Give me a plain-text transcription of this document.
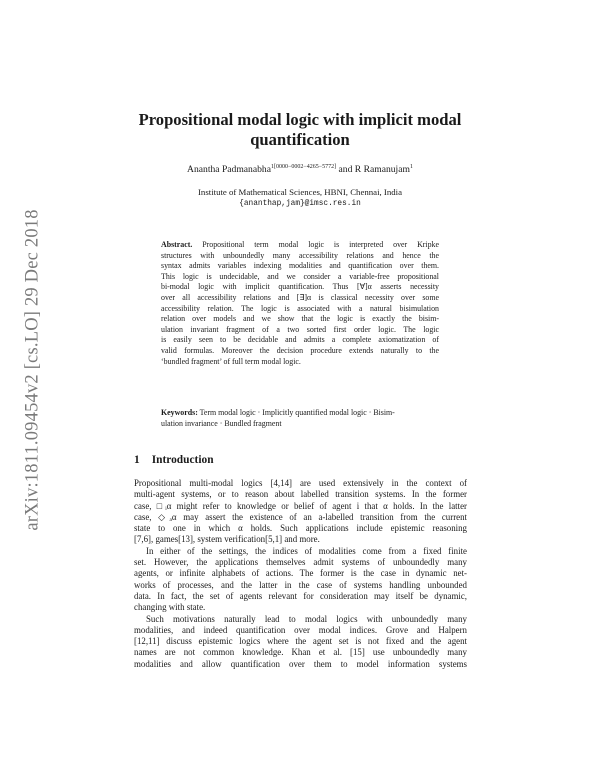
arXiv:1811.09454v2 [cs.LO] 29 Dec 2018
Propositional modal logic with implicit modal
quantification
Anantha Padmanabha$^{1[0000-0002-4265-5772]}$ and R Ramanujam$^1$
Institute of Mathematical Sciences, HBNI, Chennai, India
{ananthap,jam}@imsc.res.in
Abstract. Propositional term modal logic is interpreted over Kripke
structures with unboundedly many accessibility relations and hence the
syntax admits variables indexing modalities and quantification over them.
This logic is undecidable, and we consider a variable-free propositional
bi-modal logic with implicit quantification. Thus [∀]α asserts necessity
over all accessibility relations and [∃]α is classical necessity over some
accessibility relation. The logic is associated with a natural bisimulation
relation over models and we show that the logic is exactly the bisim-
ulation invariant fragment of a two sorted first order logic. The logic
is easily seen to be decidable and admits a complete axiomatization of
valid formulas. Moreover the decision procedure extends naturally to the
‘bundled fragment’ of full term modal logic.
Keywords: Term modal logic · Implicitly quantified modal logic · Bisim-
ulation invariance · Bundled fragment
1 Introduction
Propositional multi-modal logics [4,14] are used extensively in the context of
multi-agent systems, or to reason about labelled transition systems. In the former
case, □ᵢα might refer to knowledge or belief of agent i that α holds. In the latter
case, ◇ₐα may assert the existence of an a-labelled transition from the current
state to one in which α holds. Such applications include epistemic reasoning
[7,6], games[13], system verification[5,1] and more.
In either of the settings, the indices of modalities come from a fixed finite
set. However, the applications themselves admit systems of unboundedly many
agents, or infinite alphabets of actions. The former is the case in dynamic net-
works of processes, and the latter in the case of systems handling unbounded
data. In fact, the set of agents relevant for consideration may itself be dynamic,
changing with state.
Such motivations naturally lead to modal logics with unboundedly many
modalities, and indeed quantification over modal indices. Grove and Halpern
[12,11] discuss epistemic logics where the agent set is not fixed and the agent
names are not common knowledge. Khan et al. [15] use unboundedly many
modalities and allow quantification over them to model information systems
